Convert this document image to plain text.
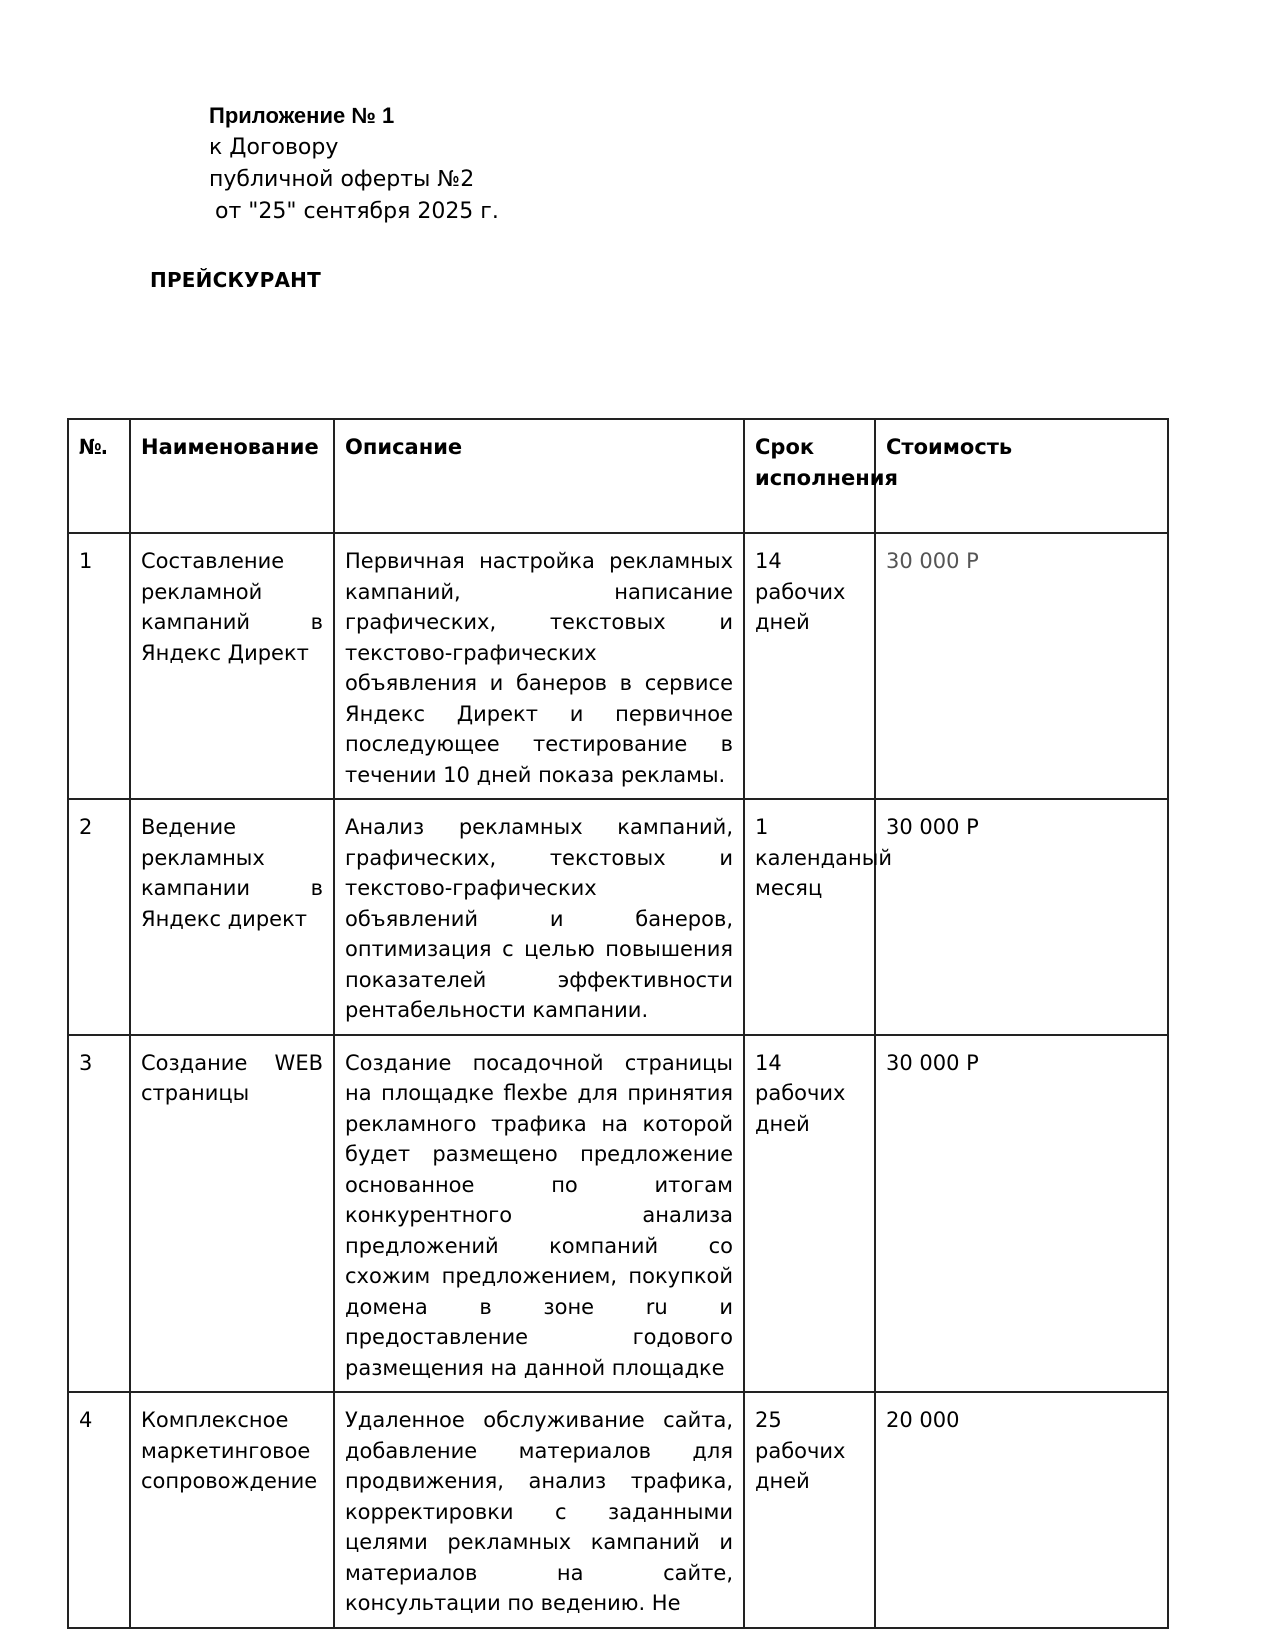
Приложение № 1
к Договору
публичной оферты №2
от "25" сентября 2025 г.
ПРЕЙСКУРАНТ
№.	Наименование	Описание	Срок исполнения	Стоимость
1	Составление рекламной кампаний в Яндекс Директ	Первичная настройка рекламных кампаний, написание графических, текстовых и текстово-графических объявления и банеров в сервисе Яндекс Директ и первичное последующее тестирование в течении 10 дней показа рекламы.	14 рабочих дней	30 000 Р
2	Ведение рекламных кампании в Яндекс директ	Анализ рекламных кампаний, графических, текстовых и текстово-графических объявлений и банеров, оптимизация с целью повышения показателей эффективности рентабельности кампании.	1 календаный месяц	30 000 Р
3	Создание WEB страницы	Создание посадочной страницы на площадке flexbe для принятия рекламного трафика на которой будет размещено предложение основанное по итогам конкурентного анализа предложений компаний со схожим предложением, покупкой домена в зоне ru и предоставление годового размещения на данной площадке	14 рабочих дней	30 000 Р
4	Комплексное маркетинговое сопровождение	Удаленное обслуживание сайта, добавление материалов для продвижения, анализ трафика, корректировки с заданными целями рекламных кампаний и материалов на сайте, консультации по ведению. Не	25 рабочих дней	20 000
